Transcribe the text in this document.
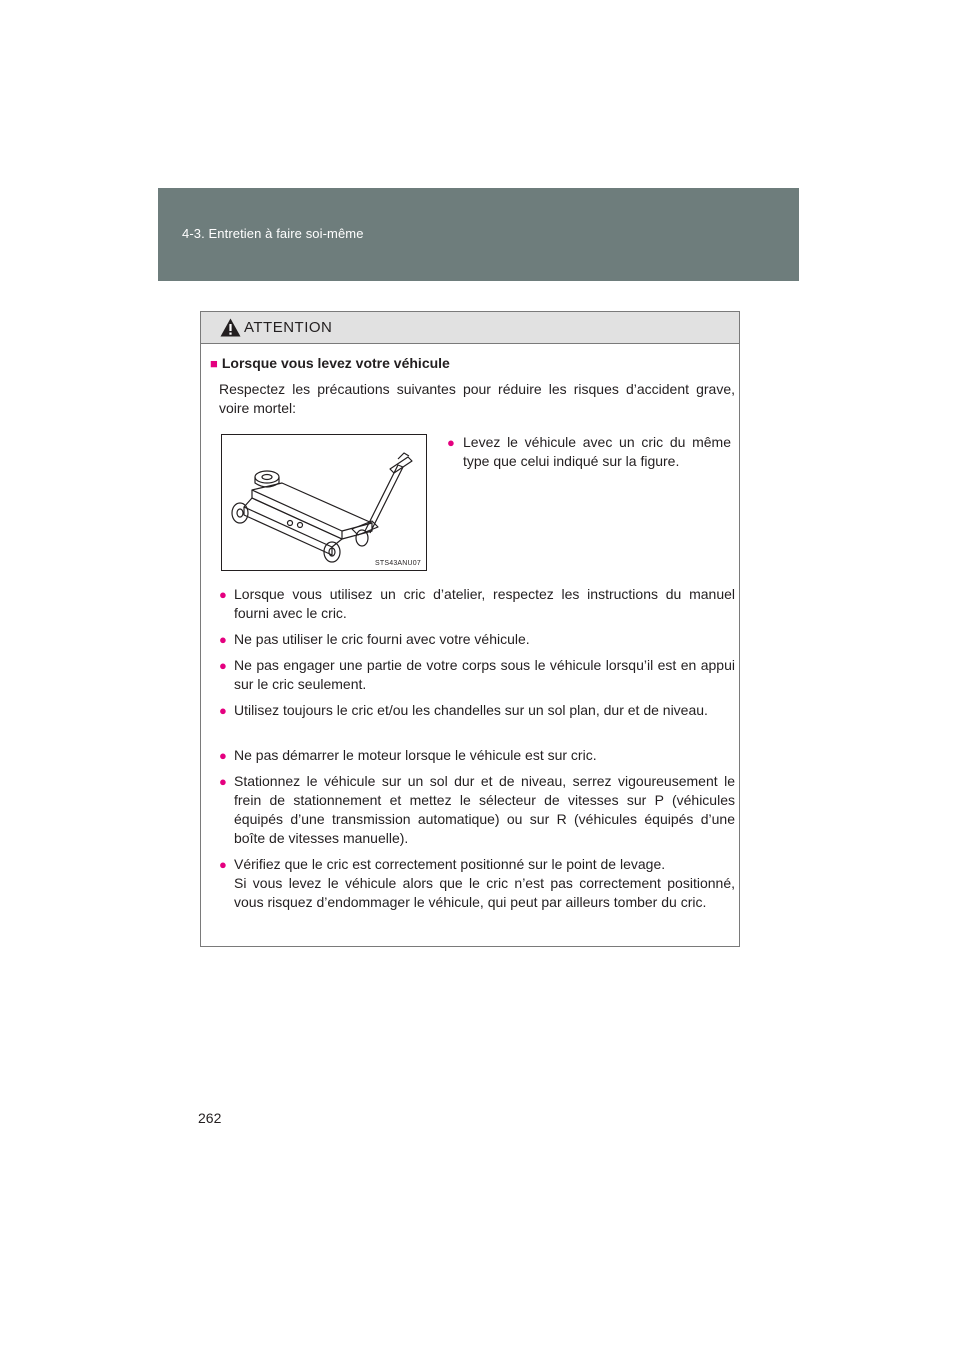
4-3. Entretien à faire soi-même
ATTENTION
■ Lorsque vous levez votre véhicule
Respectez les précautions suivantes pour réduire les risques d’accident grave, voire mortel:
STS43ANU07
● Levez le véhicule avec un cric du même type que celui indiqué sur la figure.
● Lorsque vous utilisez un cric d’atelier, respectez les instructions du manuel fourni avec le cric.
● Ne pas utiliser le cric fourni avec votre véhicule.
● Ne pas engager une partie de votre corps sous le véhicule lorsqu’il est en appui sur le cric seulement.
● Utilisez toujours le cric et/ou les chandelles sur un sol plan, dur et de niveau.
● Ne pas démarrer le moteur lorsque le véhicule est sur cric.
● Stationnez le véhicule sur un sol dur et de niveau, serrez vigoureusement le frein de stationnement et mettez le sélecteur de vitesses sur P (véhicules équipés d’une transmission automatique) ou sur R (véhicules équipés d’une boîte de vitesses manuelle).
● Vérifiez que le cric est correctement positionné sur le point de levage.
Si vous levez le véhicule alors que le cric n’est pas correctement positionné, vous risquez d’endommager le véhicule, qui peut par ailleurs tomber du cric.
262
